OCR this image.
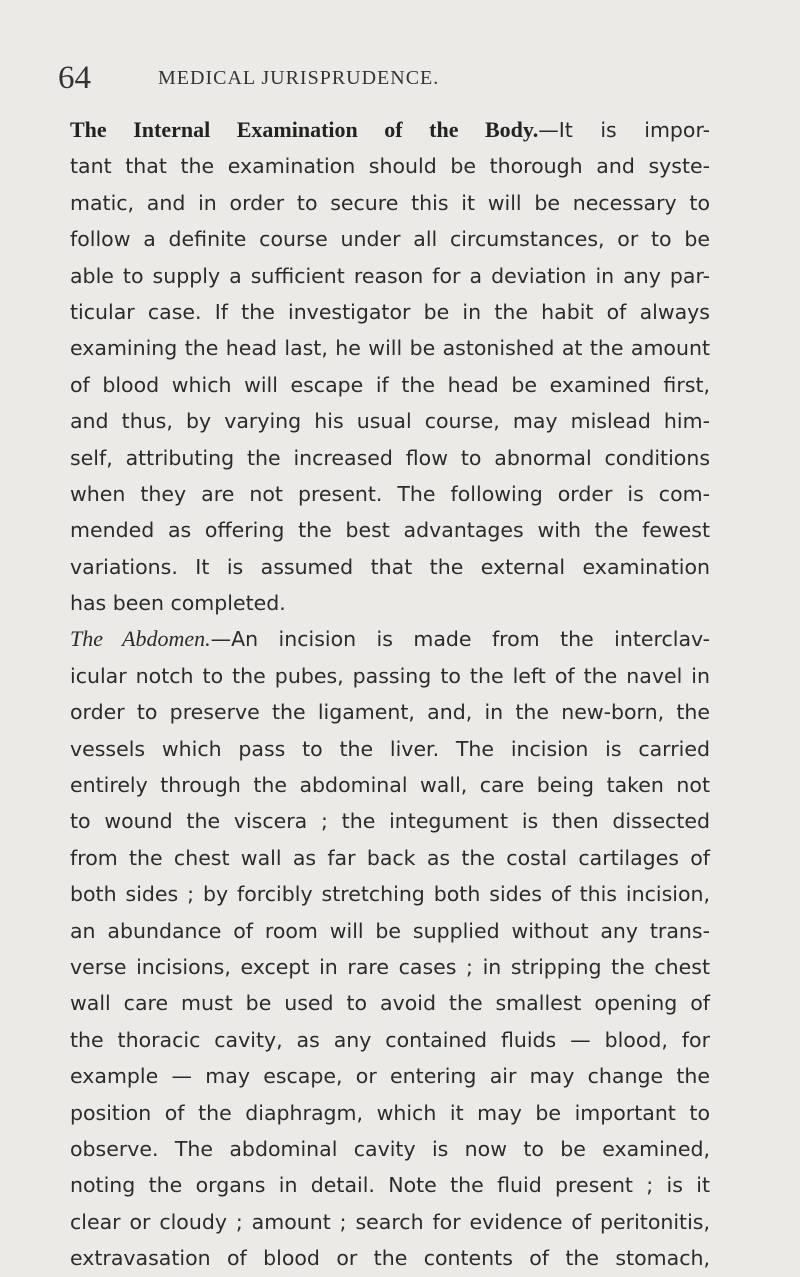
64	MEDICAL JURISPRUDENCE.
The Internal Examination of the Body.—It is impor-
tant that the examination should be thorough and syste-
matic, and in order to secure this it will be necessary to
follow a definite course under all circumstances, or to be
able to supply a sufficient reason for a deviation in any par-
ticular case. If the investigator be in the habit of always
examining the head last, he will be astonished at the amount
of blood which will escape if the head be examined first,
and thus, by varying his usual course, may mislead him-
self, attributing the increased flow to abnormal conditions
when they are not present. The following order is com-
mended as offering the best advantages with the fewest
variations. It is assumed that the external examination
has been completed.
The Abdomen.—An incision is made from the interclav-
icular notch to the pubes, passing to the left of the navel in
order to preserve the ligament, and, in the new-born, the
vessels which pass to the liver. The incision is carried
entirely through the abdominal wall, care being taken not
to wound the viscera ; the integument is then dissected
from the chest wall as far back as the costal cartilages of
both sides ; by forcibly stretching both sides of this incision,
an abundance of room will be supplied without any trans-
verse incisions, except in rare cases ; in stripping the chest
wall care must be used to avoid the smallest opening of
the thoracic cavity, as any contained fluids — blood, for
example — may escape, or entering air may change the
position of the diaphragm, which it may be important to
observe. The abdominal cavity is now to be examined,
noting the organs in detail. Note the fluid present ; is it
clear or cloudy ; amount ; search for evidence of peritonitis,
extravasation of blood or the contents of the stomach,
